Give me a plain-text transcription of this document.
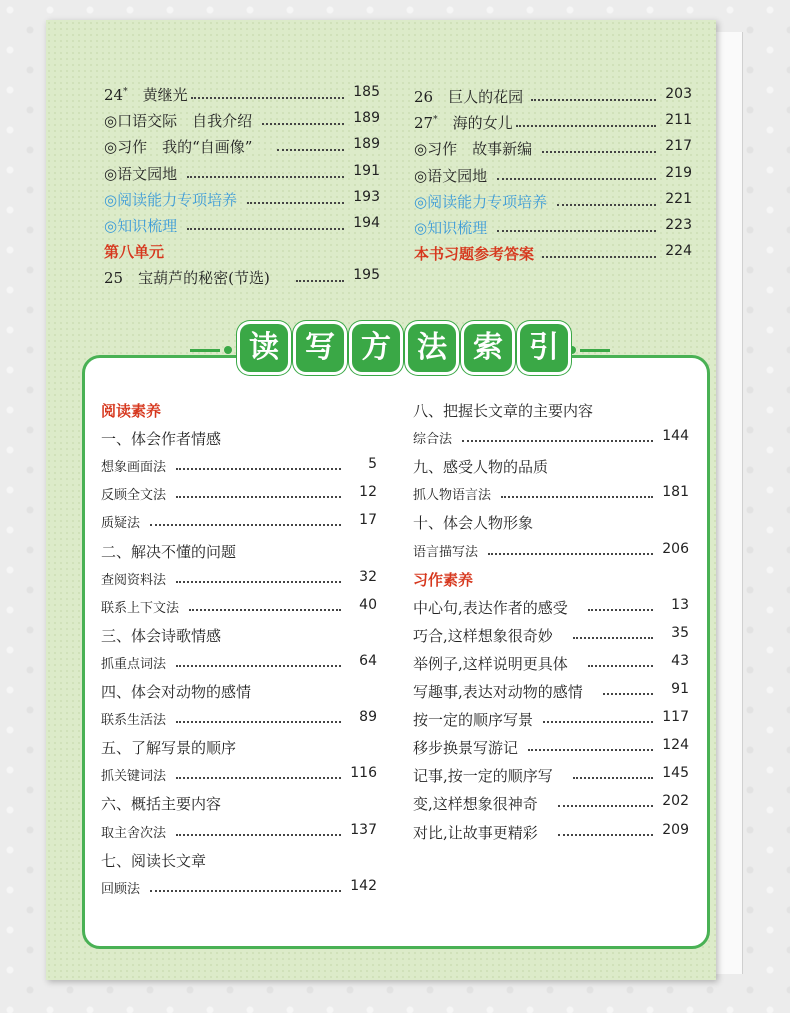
24*　 黄继光	185
◎口语交际　自我介绍	189
◎习作　我的“自画像”	189
◎语文园地	191
◎阅读能力专项培养	193
◎知识梳理	194
第八单元
25　 宝葫芦的秘密(节选)	195
26　 巨人的花园	203
27*　 海的女儿	211
◎习作　故事新编	217
◎语文园地	219
◎阅读能力专项培养	221
◎知识梳理	223
本书习题参考答案	224
阅读素养
一、体会作者情感
想象画面法	5
反顾全文法	12
质疑法	17
二、解决不懂的问题
查阅资料法	32
联系上下文法	40
三、体会诗歌情感
抓重点词法	64
四、体会对动物的感情
联系生活法	89
五、了解写景的顺序
抓关键词法	116
六、概括主要内容
取主舍次法	137
七、阅读长文章
回顾法	142
八、把握长文章的主要内容
综合法	144
九、感受人物的品质
抓人物语言法	181
十、体会人物形象
语言描写法	206
习作素养
中心句,表达作者的感受	13
巧合,这样想象很奇妙	35
举例子,这样说明更具体	43
写趣事,表达对动物的感情	91
按一定的顺序写景	117
移步换景写游记	124
记事,按一定的顺序写	145
变,这样想象很神奇	202
对比,让故事更精彩	209
读 写 方 法 索 引
